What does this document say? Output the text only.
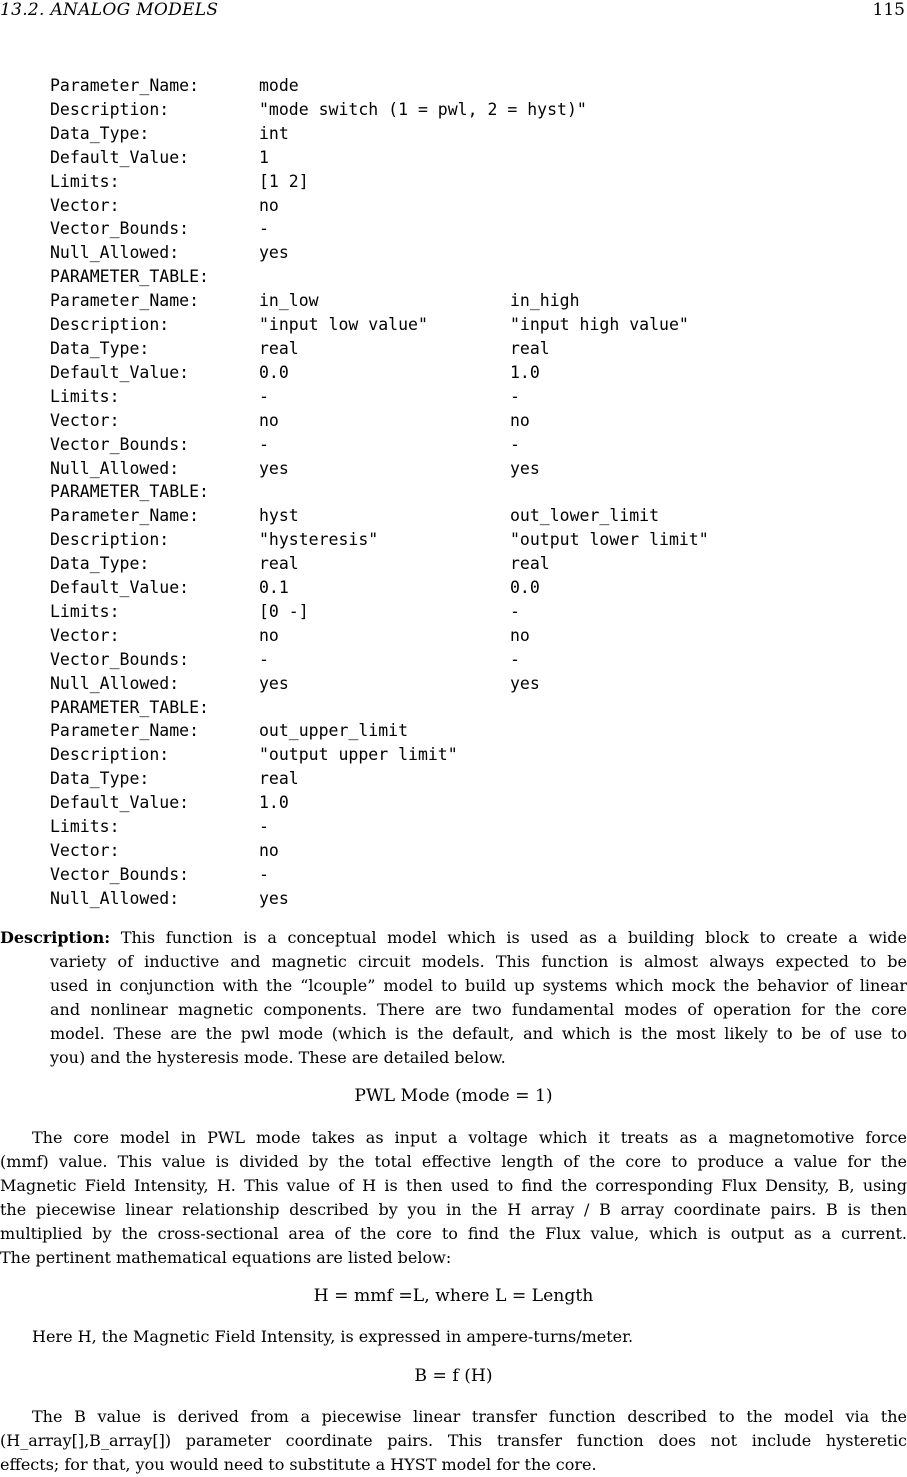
13.2. ANALOG MODELS	115
Parameter_Name:	mode
Description:	"mode switch (1 = pwl, 2 = hyst)"
Data_Type:	int
Default_Value:	1
Limits:	[1 2]
Vector:	no
Vector_Bounds:	-
Null_Allowed:	yes
PARAMETER_TABLE:
Parameter_Name:	in_low	in_high
Description:	"input low value"	"input high value"
Data_Type:	real	real
Default_Value:	0.0	1.0
Limits:	-	-
Vector:	no	no
Vector_Bounds:	-	-
Null_Allowed:	yes	yes
PARAMETER_TABLE:
Parameter_Name:	hyst	out_lower_limit
Description:	"hysteresis"	"output lower limit"
Data_Type:	real	real
Default_Value:	0.1	0.0
Limits:	[0 -]	-
Vector:	no	no
Vector_Bounds:	-	-
Null_Allowed:	yes	yes
PARAMETER_TABLE:
Parameter_Name:	out_upper_limit
Description:	"output upper limit"
Data_Type:	real
Default_Value:	1.0
Limits:	-
Vector:	no
Vector_Bounds:	-
Null_Allowed:	yes
Description: This function is a conceptual model which is used as a building block to create a wide
variety of inductive and magnetic circuit models. This function is almost always expected to be
used in conjunction with the “lcouple” model to build up systems which mock the behavior of linear
and nonlinear magnetic components. There are two fundamental modes of operation for the core
model. These are the pwl mode (which is the default, and which is the most likely to be of use to
you) and the hysteresis mode. These are detailed below.
PWL Mode (mode = 1)
The core model in PWL mode takes as input a voltage which it treats as a magnetomotive force
(mmf) value. This value is divided by the total effective length of the core to produce a value for the
Magnetic Field Intensity, H. This value of H is then used to find the corresponding Flux Density, B, using
the piecewise linear relationship described by you in the H array / B array coordinate pairs. B is then
multiplied by the cross-sectional area of the core to find the Flux value, which is output as a current.
The pertinent mathematical equations are listed below:
H = mmf =L, where L = Length
Here H, the Magnetic Field Intensity, is expressed in ampere-turns/meter.
B = f (H)
The B value is derived from a piecewise linear transfer function described to the model via the
(H_array[],B_array[]) parameter coordinate pairs. This transfer function does not include hysteretic
effects; for that, you would need to substitute a HYST model for the core.
